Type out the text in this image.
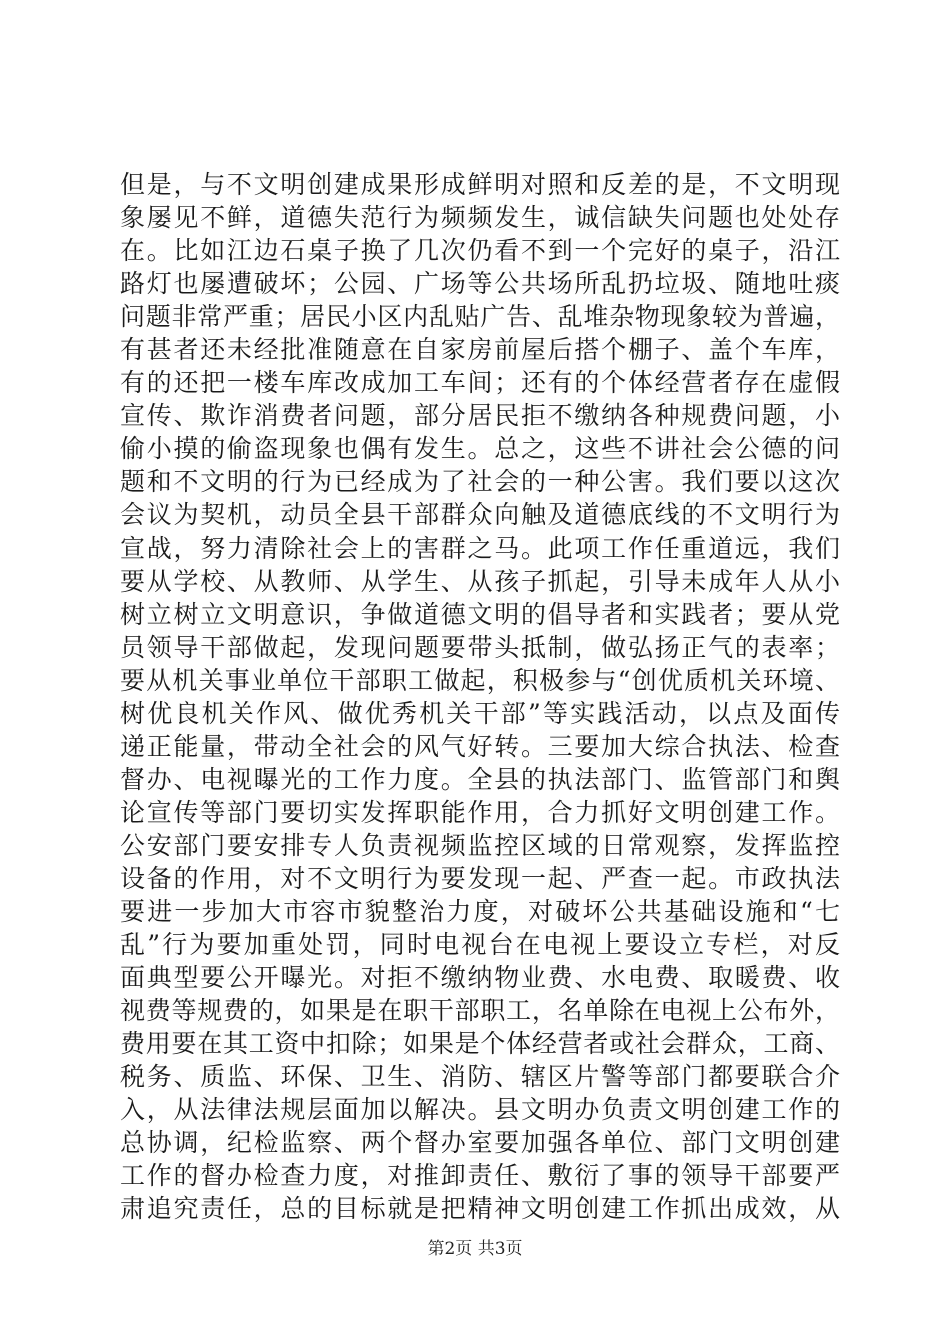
但是，与不文明创建成果形成鲜明对照和反差的是，不文明现
象屡见不鲜，道德失范行为频频发生，诚信缺失问题也处处存
在。比如江边石桌子换了几次仍看不到一个完好的桌子，沿江
路灯也屡遭破坏；公园、广场等公共场所乱扔垃圾、随地吐痰
问题非常严重；居民小区内乱贴广告、乱堆杂物现象较为普遍，
有甚者还未经批准随意在自家房前屋后搭个棚子、盖个车库，
有的还把一楼车库改成加工车间；还有的个体经营者存在虚假
宣传、欺诈消费者问题，部分居民拒不缴纳各种规费问题，小
偷小摸的偷盗现象也偶有发生。总之，这些不讲社会公德的问
题和不文明的行为已经成为了社会的一种公害。我们要以这次
会议为契机，动员全县干部群众向触及道德底线的不文明行为
宣战，努力清除社会上的害群之马。此项工作任重道远，我们
要从学校、从教师、从学生、从孩子抓起，引导未成年人从小
树立树立文明意识，争做道德文明的倡导者和实践者；要从党
员领导干部做起，发现问题要带头抵制，做弘扬正气的表率；
要从机关事业单位干部职工做起，积极参与“创优质机关环境、
树优良机关作风、做优秀机关干部”等实践活动，以点及面传
递正能量，带动全社会的风气好转。三要加大综合执法、检查
督办、电视曝光的工作力度。全县的执法部门、监管部门和舆
论宣传等部门要切实发挥职能作用，合力抓好文明创建工作。
公安部门要安排专人负责视频监控区域的日常观察，发挥监控
设备的作用，对不文明行为要发现一起、严查一起。市政执法
要进一步加大市容市貌整治力度，对破坏公共基础设施和“七
乱”行为要加重处罚，同时电视台在电视上要设立专栏，对反
面典型要公开曝光。对拒不缴纳物业费、水电费、取暖费、收
视费等规费的，如果是在职干部职工，名单除在电视上公布外，
费用要在其工资中扣除；如果是个体经营者或社会群众，工商、
税务、质监、环保、卫生、消防、辖区片警等部门都要联合介
入，从法律法规层面加以解决。县文明办负责文明创建工作的
总协调，纪检监察、两个督办室要加强各单位、部门文明创建
工作的督办检查力度，对推卸责任、敷衍了事的领导干部要严
肃追究责任，总的目标就是把精神文明创建工作抓出成效，从
第2页 共3页
